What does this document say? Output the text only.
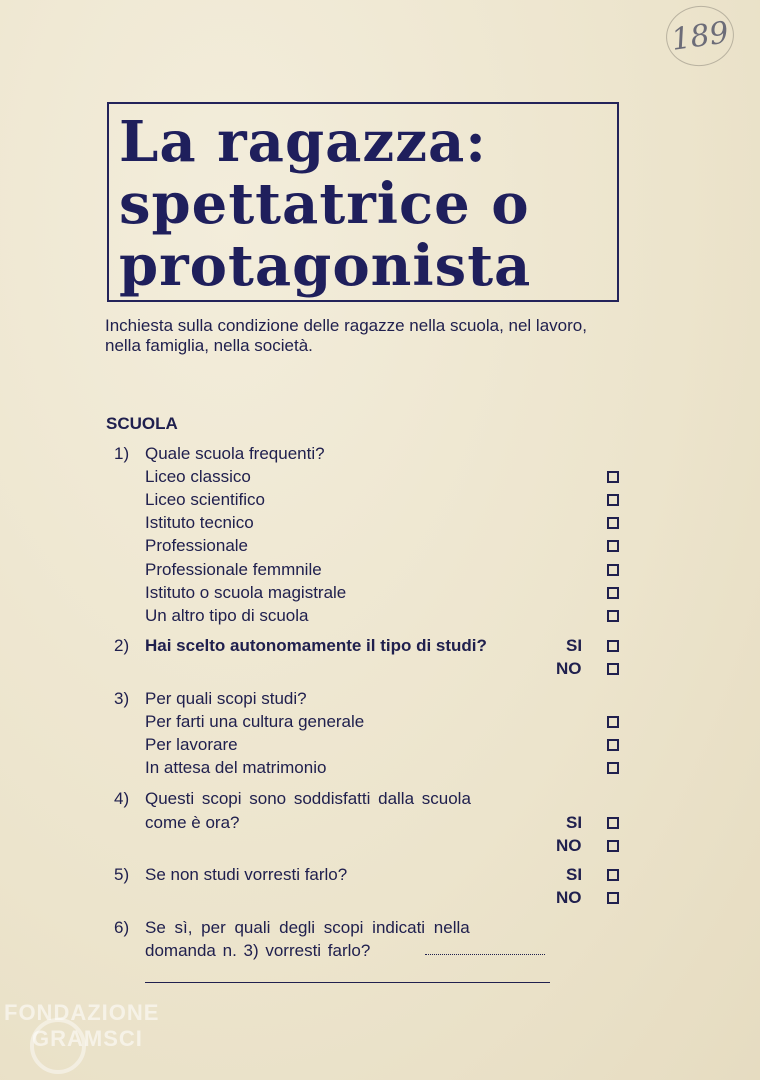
189
La ragazza:
spettatrice o
protagonista
Inchiesta sulla condizione delle ragazze nella scuola, nel lavoro, nella famiglia, nella società.
SCUOLA
1) Quale scuola frequenti?
Liceo classico
Liceo scientifico
Istituto tecnico
Professionale
Professionale femmnile
Istituto o scuola magistrale
Un altro tipo di scuola
2) Hai scelto autonomamente il tipo di studi?	SI
NO
3) Per quali scopi studi?
Per farti una cultura generale
Per lavorare
In attesa del matrimonio
4) Questi scopi sono soddisfatti dalla scuola
come è ora?	SI
NO
5) Se non studi vorresti farlo?	SI
NO
6) Se sì, per quali degli scopi indicati nella
domanda n. 3) vorresti farlo?
FONDAZIONE
GRAMSCI
